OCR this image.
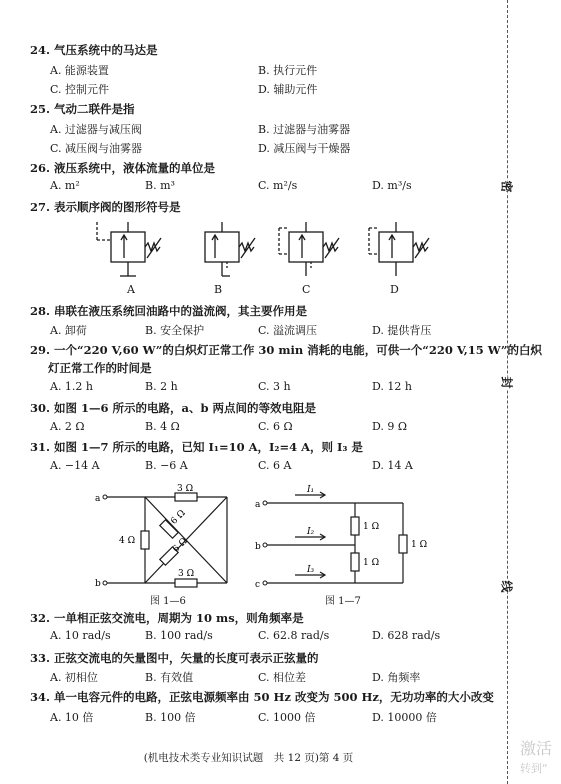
24. 气压系统中的马达是
A. 能源装置	B. 执行元件
C. 控制元件	D. 辅助元件
25. 气动二联件是指
A. 过滤器与减压阀	B. 过滤器与油雾器
C. 减压阀与油雾器	D. 减压阀与干燥器
26. 液压系统中，液体流量的单位是
A. m²	B. m³	C. m²/s	D. m³/s
27. 表示顺序阀的图形符号是
A	B	C	D
28. 串联在液压系统回油路中的溢流阀，其主要作用是
A. 卸荷	B. 安全保护	C. 溢流调压	D. 提供背压
29. 一个“220 V,60 W”的白炽灯正常工作 30 min 消耗的电能，可供一个“220 V,15 W”的白炽
灯正常工作的时间是
A. 1.2 h	B. 2 h	C. 3 h	D. 12 h
30. 如图 1—6 所示的电路，a、b 两点间的等效电阻是
A. 2 Ω	B. 4 Ω	C. 6 Ω	D. 9 Ω
31. 如图 1—7 所示的电路，已知 I₁=10 A，I₂=4 A，则 I₃ 是
A. −14 A	B. −6 A	C. 6 A	D. 14 A
a
b
3 Ω
4 Ω
6 Ω
6 Ω
3 Ω
图 1—6
a
b
c
I₁
I₂
I₃
1 Ω
1 Ω
1 Ω
图 1—7
32. 一单相正弦交流电，周期为 10 ms，则角频率是
A. 10 rad/s	B. 100 rad/s	C. 62.8 rad/s	D. 628 rad/s
33. 正弦交流电的矢量图中，矢量的长度可表示正弦量的
A. 初相位	B. 有效值	C. 相位差	D. 角频率
34. 单一电容元件的电路，正弦电源频率由 50 Hz 改变为 500 Hz，无功功率的大小改变
A. 10 倍	B. 100 倍	C. 1000 倍	D. 10000 倍
(机电技术类专业知识试题　共 12 页)第 4 页
密
封
线
激活
转到“
